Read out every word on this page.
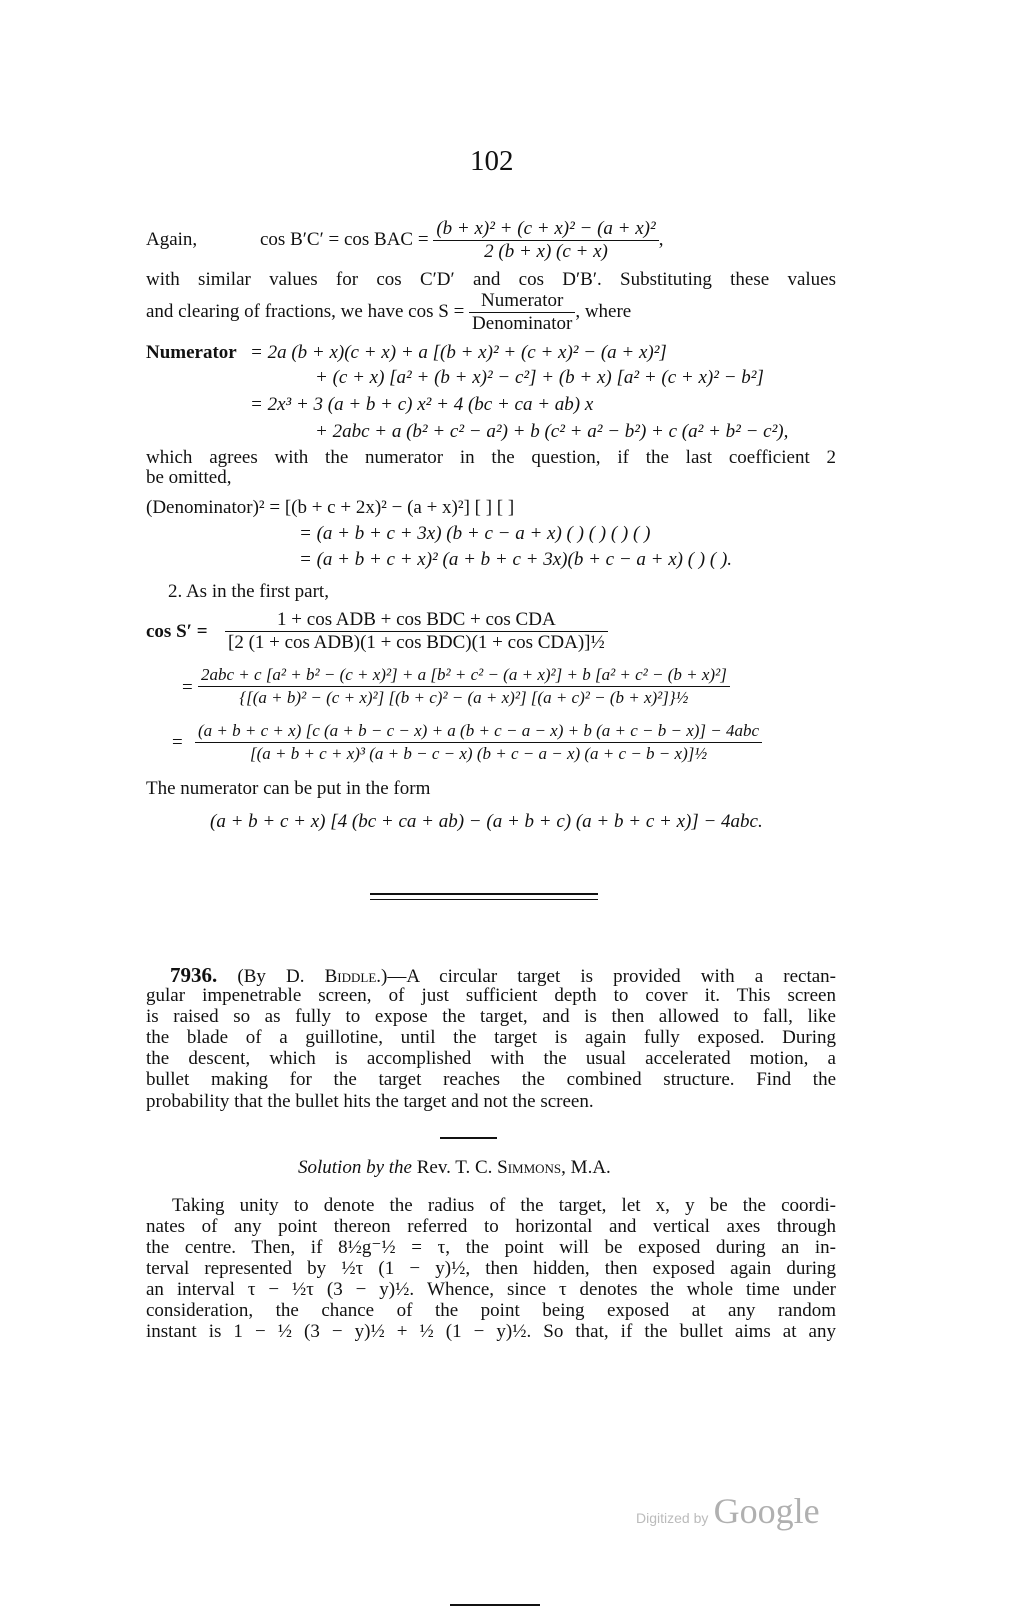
102
Again,	cos B′C′ = cos BAC = $\frac{\text{(b + x)² + (c + x)² − (a + x)²}}{2 (b + x) (c + x)}$ ,
with similar values for cos C′D′ and cos D′B′. Substituting these values
and clearing of fractions, we have $\cos S = \frac{\text{Numerator}}{\text{Denominator}}$ , where
Numerator = 2a (b + x)(c + x) + a [(b + x)² + (c + x)² − (a + x)²]
+ (c + x) [a² + (b + x)² − c²] + (b + x) [a² + (c + x)² − b²]
= 2x³ + 3 (a + b + c) x² + 4 (bc + ca + ab) x
+ 2abc + a (b² + c² − a²) + b (c² + a² − b²) + c (a² + b² − c²),
which agrees with the numerator in the question, if the last coefficient 2
be omitted,
(Denominator)² = [(b + c + 2x)² − (a + x)²] [ ] [ ]
= (a + b + c + 3x) (b + c − a + x) ( ) ( ) ( ) ( )
= (a + b + c + x)² (a + b + c + 3x)(b + c − a + x) ( ) ( ).
2. As in the first part,
$\cos S' = \frac{\text{1 + cos ADB + cos BDC + cos CDA}}{\text{[2 (1 + cos ADB)(1 + cos BDC)(1 + cos CDA)]½}}$
=
2abc + c [a² + b² − (c + x)²] + a [b² + c² − (a + x)²] + b [a² + c² − (b + x)²]
{[(a + b)² − (c + x)²] [(b + c)² − (a + x)²] [(a + c)² − (b + x)²]}½
=
(a + b + c + x) [c (a + b − c − x) + a (b + c − a − x) + b (a + c − b − x)] − 4abc
[(a + b + c + x)³ (a + b − c − x) (b + c − a − x) (a + c − b − x)]½
The numerator can be put in the form
(a + b + c + x) [4 (bc + ca + ab) − (a + b + c) (a + b + c + x)] − 4abc.
7936. (By D. Biddle.)—A circular target is provided with a rectan-
gular impenetrable screen, of just sufficient depth to cover it. This screen
is raised so as fully to expose the target, and is then allowed to fall, like
the blade of a guillotine, until the target is again fully exposed. During
the descent, which is accomplished with the usual accelerated motion, a
bullet making for the target reaches the combined structure. Find the
probability that the bullet hits the target and not the screen.
Solution by the Rev. T. C. Simmons, M.A.
Taking unity to denote the radius of the target, let x, y be the coordi-
nates of any point thereon referred to horizontal and vertical axes through
the centre. Then, if 8½g⁻½ = τ, the point will be exposed during an in-
terval represented by ½τ (1 − y)½, then hidden, then exposed again during
an interval τ − ½τ (3 − y)½. Whence, since τ denotes the whole time under
consideration, the chance of the point being exposed at any random
instant is 1 − ½ (3 − y)½ + ½ (1 − y)½. So that, if the bullet aims at any
Digitized by Google
